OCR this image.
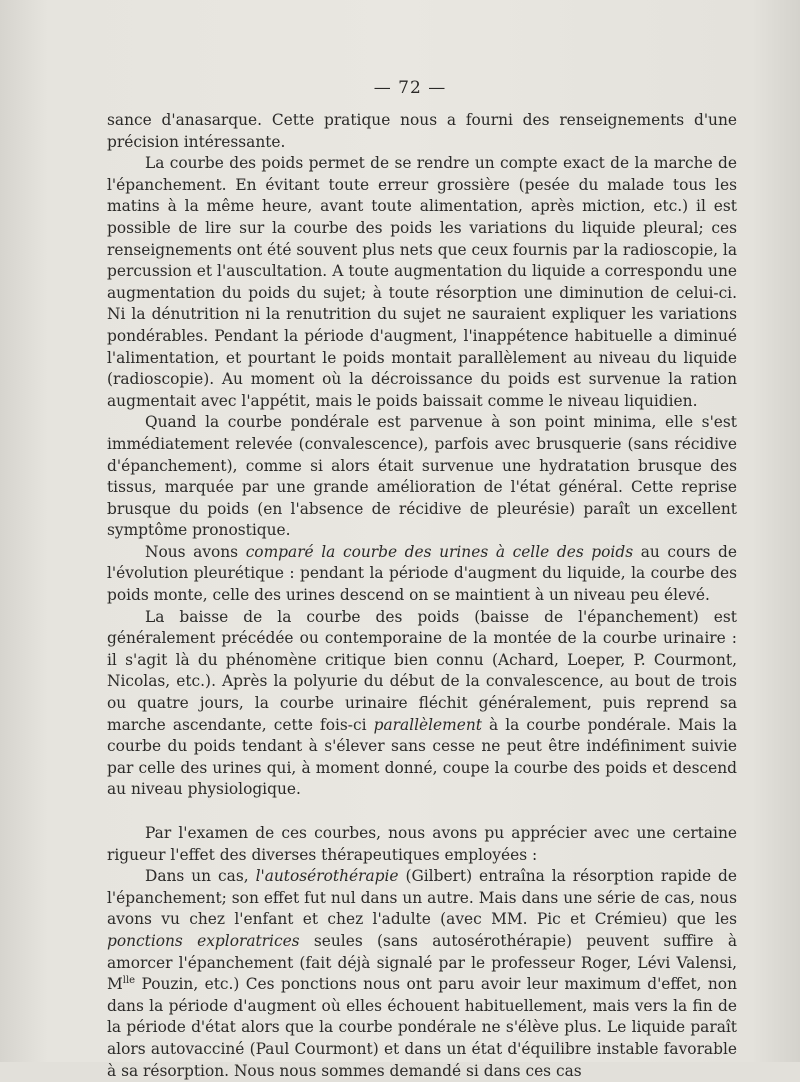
— 72 —

sance d'anasarque. Cette pratique nous a fourni des renseignements d'une précision intéressante.

La courbe des poids permet de se rendre un compte exact de la marche de l'épanchement. En évitant toute erreur grossière (pesée du malade tous les matins à la même heure, avant toute alimentation, après miction, etc.) il est possible de lire sur la courbe des poids les variations du liquide pleural; ces renseignements ont été souvent plus nets que ceux fournis par la radioscopie, la percussion et l'auscultation. A toute augmentation du liquide a correspondu une augmentation du poids du sujet; à toute résorption une diminution de celui-ci. Ni la dénutrition ni la renutrition du sujet ne sauraient expliquer les variations pondérables. Pendant la période d'augment, l'inappétence habituelle a diminué l'alimentation, et pourtant le poids montait parallèlement au niveau du liquide (radioscopie). Au moment où la décroissance du poids est survenue la ration augmentait avec l'appétit, mais le poids baissait comme le niveau liquidien.

Quand la courbe pondérale est parvenue à son point minima, elle s'est immédiatement relevée (convalescence), parfois avec brusquerie (sans récidive d'épanchement), comme si alors était survenue une hydratation brusque des tissus, marquée par une grande amélioration de l'état général. Cette reprise brusque du poids (en l'absence de récidive de pleurésie) paraît un excellent symptôme pronostique.

Nous avons comparé la courbe des urines à celle des poids au cours de l'évolution pleurétique : pendant la période d'augment du liquide, la courbe des poids monte, celle des urines descend on se maintient à un niveau peu élevé.

La baisse de la courbe des poids (baisse de l'épanchement) est généralement précédée ou contemporaine de la montée de la courbe urinaire : il s'agit là du phénomène critique bien connu (Achard, Loeper, P. Courmont, Nicolas, etc.). Après la polyurie du début de la convalescence, au bout de trois ou quatre jours, la courbe urinaire fléchit généralement, puis reprend sa marche ascendante, cette fois-ci parallèlement à la courbe pondérale. Mais la courbe du poids tendant à s'élever sans cesse ne peut être indéfiniment suivie par celle des urines qui, à moment donné, coupe la courbe des poids et descend au niveau physiologique.

Par l'examen de ces courbes, nous avons pu apprécier avec une certaine rigueur l'effet des diverses thérapeutiques employées :

Dans un cas, l'autosérothérapie (Gilbert) entraîna la résorption rapide de l'épanchement; son effet fut nul dans un autre. Mais dans une série de cas, nous avons vu chez l'enfant et chez l'adulte (avec MM. Pic et Crémieu) que les ponctions exploratrices seules (sans autosérothérapie) peuvent suffire à amorcer l'épanchement (fait déjà signalé par le professeur Roger, Lévi Valensi, $M^{lle}$ Pouzin, etc.) Ces ponctions nous ont paru avoir leur maximum d'effet, non dans la période d'augment où elles échouent habituellement, mais vers la fin de la période d'état alors que la courbe pondérale ne s'élève plus. Le liquide paraît alors autovacciné (Paul Courmont) et dans un état d'équilibre instable favorable à sa résorption. Nous nous sommes demandé si dans ces cas
